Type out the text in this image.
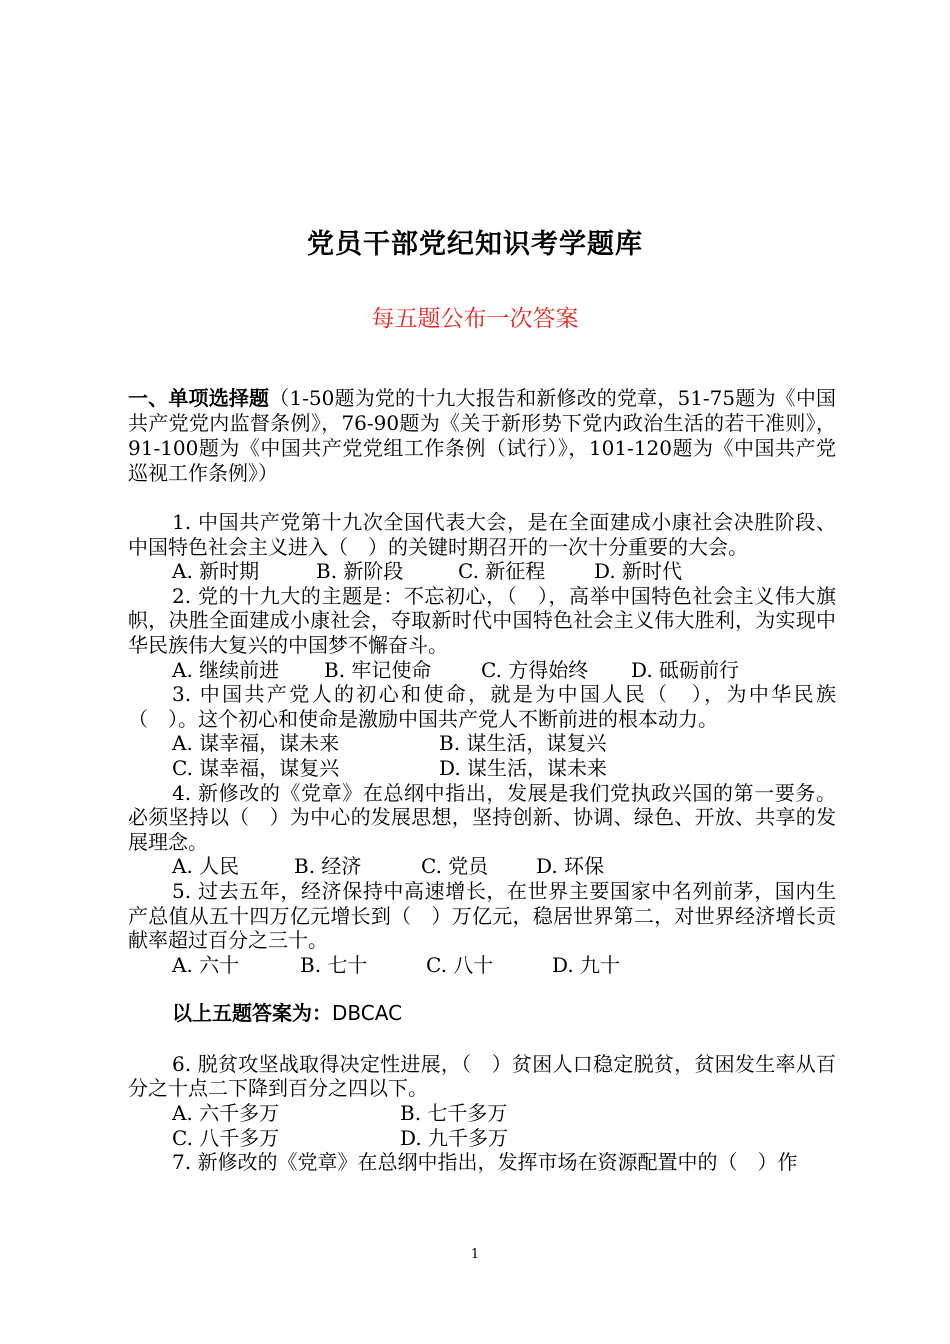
党员干部党纪知识考学题库
每五题公布一次答案
一、单项选择题（1-50题为党的十九大报告和新修改的党章，51-75题为《中国共产党党内监督条例》，76-90题为《关于新形势下党内政治生活的若干准则》，91-100题为《中国共产党党组工作条例（试行）》，101-120题为《中国共产党巡视工作条例》）

1. 中国共产党第十九次全国代表大会，是在全面建成小康社会决胜阶段、中国特色社会主义进入（　）的关键时期召开的一次十分重要的大会。

A. 新时期	B. 新阶段	C. 新征程 D. 新时代

2. 党的十九大的主题是：不忘初心，（　），高举中国特色社会主义伟大旗帜，决胜全面建成小康社会，夺取新时代中国特色社会主义伟大胜利，为实现中华民族伟大复兴的中国梦不懈奋斗。

A. 继续前进 B. 牢记使命 C. 方得始终 D. 砥砺前行

3. 中国共产党人的初心和使命，就是为中国人民（　），为中华民族（　）。这个初心和使命是激励中国共产党人不断前进的根本动力。

A. 谋幸福，谋未来	B. 谋生活，谋复兴
C. 谋幸福，谋复兴	D. 谋生活，谋未来

4. 新修改的《党章》在总纲中指出，发展是我们党执政兴国的第一要务。必须坚持以（　）为中心的发展思想，坚持创新、协调、绿色、开放、共享的发展理念。

A. 人民	B. 经济	C. 党员 D. 环保

5. 过去五年，经济保持中高速增长，在世界主要国家中名列前茅，国内生产总值从五十四万亿元增长到（　）万亿元，稳居世界第二，对世界经济增长贡献率超过百分之三十。

A. 六十	B. 七十	C. 八十	D. 九十
以上五题答案为：DBCAC

6. 脱贫攻坚战取得决定性进展，（　）贫困人口稳定脱贫，贫困发生率从百分之十点二下降到百分之四以下。

A. 六千多万	B. 七千多万
C. 八千多万	D. 九千多万

7. 新修改的《党章》在总纲中指出，发挥市场在资源配置中的（　）作

1
